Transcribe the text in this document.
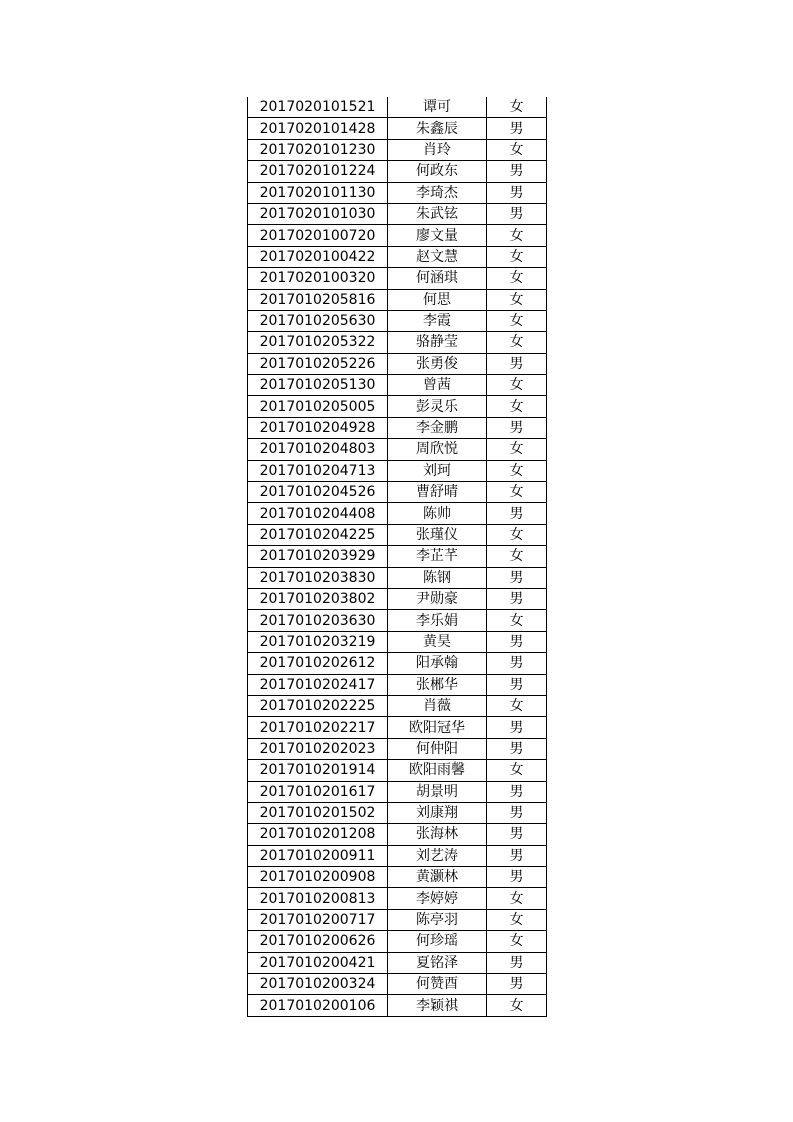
2017020101521	谭可	女
2017020101428	朱鑫辰	男
2017020101230	肖玲	女
2017020101224	何政东	男
2017020101130	李琦杰	男
2017020101030	朱武铉	男
2017020100720	廖文量	女
2017020100422	赵文慧	女
2017020100320	何涵琪	女
2017010205816	何思	女
2017010205630	李霞	女
2017010205322	骆静莹	女
2017010205226	张勇俊	男
2017010205130	曾茜	女
2017010205005	彭灵乐	女
2017010204928	李金鹏	男
2017010204803	周欣悦	女
2017010204713	刘珂	女
2017010204526	曹舒晴	女
2017010204408	陈帅	男
2017010204225	张瑾仪	女
2017010203929	李芷芊	女
2017010203830	陈钢	男
2017010203802	尹勋豪	男
2017010203630	李乐娟	女
2017010203219	黄昊	男
2017010202612	阳承翰	男
2017010202417	张郴华	男
2017010202225	肖薇	女
2017010202217	欧阳冠华	男
2017010202023	何仲阳	男
2017010201914	欧阳雨馨	女
2017010201617	胡景明	男
2017010201502	刘康翔	男
2017010201208	张海林	男
2017010200911	刘艺涛	男
2017010200908	黄灏林	男
2017010200813	李婷婷	女
2017010200717	陈亭羽	女
2017010200626	何珍瑶	女
2017010200421	夏铭泽	男
2017010200324	何赞酉	男
2017010200106	李颖祺	女
